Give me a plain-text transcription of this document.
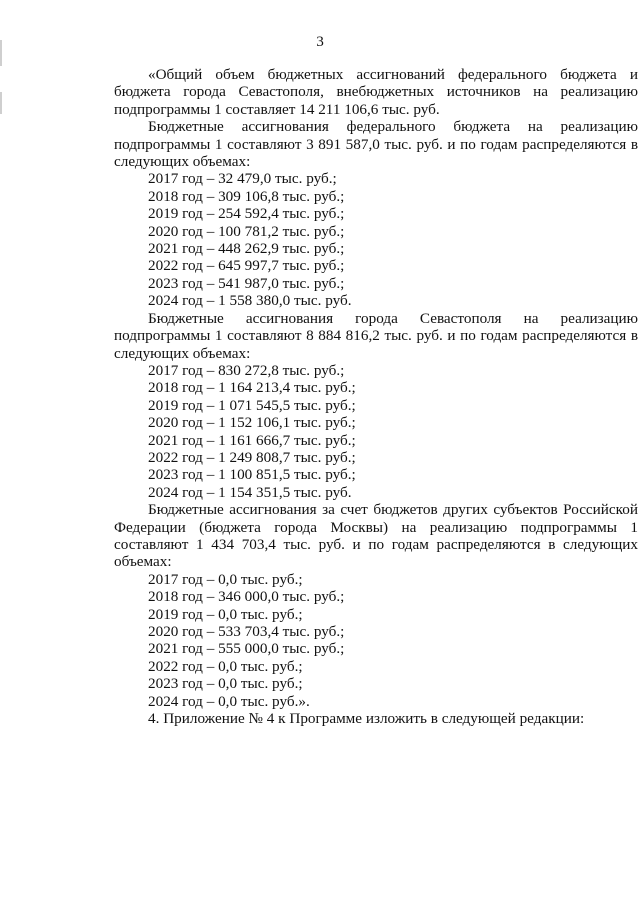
3
«Общий объем бюджетных ассигнований федерального бюджета и бюджета города Севастополя, внебюджетных источников на реализацию подпрограммы 1 составляет 14 211 106,6 тыс. руб.
Бюджетные ассигнования федерального бюджета на реализацию подпрограммы 1 составляют 3 891 587,0 тыс. руб. и по годам распределяются в следующих объемах:
2017 год – 32 479,0 тыс. руб.;
2018 год – 309 106,8 тыс. руб.;
2019 год – 254 592,4 тыс. руб.;
2020 год – 100 781,2 тыс. руб.;
2021 год – 448 262,9 тыс. руб.;
2022 год – 645 997,7 тыс. руб.;
2023 год – 541 987,0 тыс. руб.;
2024 год – 1 558 380,0 тыс. руб.
Бюджетные ассигнования города Севастополя на реализацию подпрограммы 1 составляют 8 884 816,2 тыс. руб. и по годам распределяются в следующих объемах:
2017 год – 830 272,8 тыс. руб.;
2018 год – 1 164 213,4 тыс. руб.;
2019 год – 1 071 545,5 тыс. руб.;
2020 год – 1 152 106,1 тыс. руб.;
2021 год – 1 161 666,7 тыс. руб.;
2022 год – 1 249 808,7 тыс. руб.;
2023 год – 1 100 851,5 тыс. руб.;
2024 год – 1 154 351,5 тыс. руб.
Бюджетные ассигнования за счет бюджетов других субъектов Российской Федерации (бюджета города Москвы) на реализацию подпрограммы 1 составляют 1 434 703,4 тыс. руб. и по годам распределяются в следующих объемах:
2017 год – 0,0 тыс. руб.;
2018 год – 346 000,0 тыс. руб.;
2019 год – 0,0 тыс. руб.;
2020 год – 533 703,4 тыс. руб.;
2021 год – 555 000,0 тыс. руб.;
2022 год – 0,0 тыс. руб.;
2023 год – 0,0 тыс. руб.;
2024 год – 0,0 тыс. руб.».
4. Приложение № 4 к Программе изложить в следующей редакции:
